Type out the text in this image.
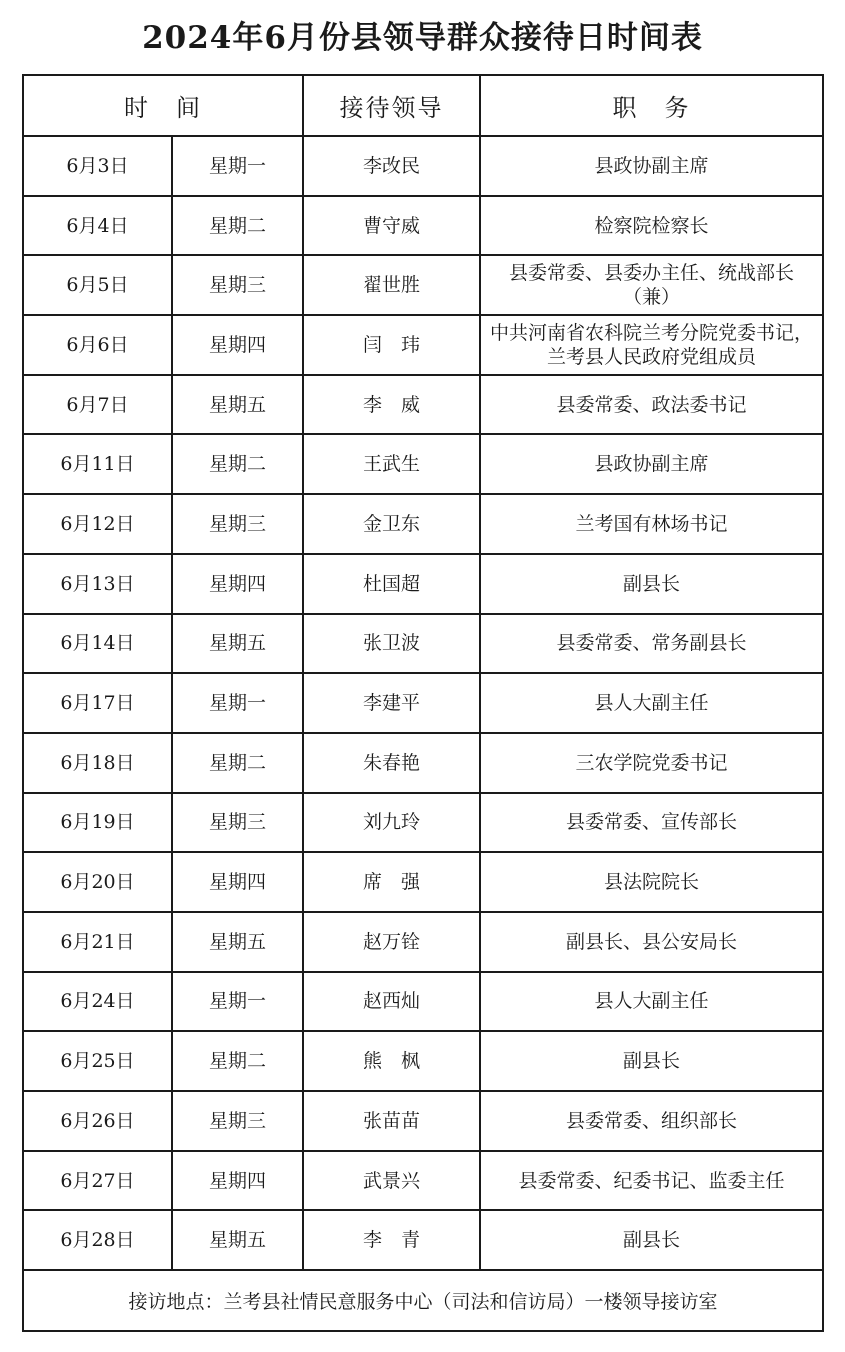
2024年6月份县领导群众接待日时间表
时　间		接待领导	职　务
6月3日	星期一	李改民	县政协副主席
6月4日	星期二	曹守威	检察院检察长
6月5日	星期三	翟世胜	县委常委、县委办主任、统战部长（兼）
6月6日	星期四	闫　玮	中共河南省农科院兰考分院党委书记，兰考县人民政府党组成员
6月7日	星期五	李　威	县委常委、政法委书记
6月11日	星期二	王武生	县政协副主席
6月12日	星期三	金卫东	兰考国有林场书记
6月13日	星期四	杜国超	副县长
6月14日	星期五	张卫波	县委常委、常务副县长
6月17日	星期一	李建平	县人大副主任
6月18日	星期二	朱春艳	三农学院党委书记
6月19日	星期三	刘九玲	县委常委、宣传部长
6月20日	星期四	席　强	县法院院长
6月21日	星期五	赵万铨	副县长、县公安局长
6月24日	星期一	赵西灿	县人大副主任
6月25日	星期二	熊　枫	副县长
6月26日	星期三	张苗苗	县委常委、组织部长
6月27日	星期四	武景兴	县委常委、纪委书记、监委主任
6月28日	星期五	李　青	副县长
接访地点：兰考县社情民意服务中心（司法和信访局）一楼领导接访室			
